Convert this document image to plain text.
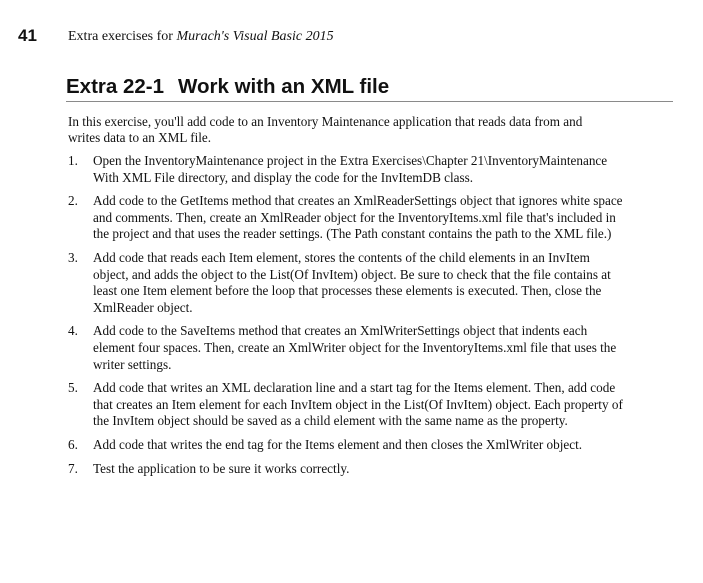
41 Extra exercises for Murach's Visual Basic 2015
Extra 22-1 Work with an XML file

In this exercise, you'll add code to an Inventory Maintenance application that reads data from and writes data to an XML file.

1. Open the InventoryMaintenance project in the Extra Exercises\Chapter 21\InventoryMaintenance With XML File directory, and display the code for the InvItemDB class.
2. Add code to the GetItems method that creates an XmlReaderSettings object that ignores white space and comments. Then, create an XmlReader object for the InventoryItems.xml file that's included in the project and that uses the reader settings. (The Path constant contains the path to the XML file.)
3. Add code that reads each Item element, stores the contents of the child elements in an InvItem object, and adds the object to the List(Of InvItem) object. Be sure to check that the file contains at least one Item element before the loop that processes these elements is executed. Then, close the XmlReader object.
4. Add code to the SaveItems method that creates an XmlWriterSettings object that indents each element four spaces. Then, create an XmlWriter object for the InventoryItems.xml file that uses the writer settings.
5. Add code that writes an XML declaration line and a start tag for the Items element. Then, add code that creates an Item element for each InvItem object in the List(Of InvItem) object. Each property of the InvItem object should be saved as a child element with the same name as the property.
6. Add code that writes the end tag for the Items element and then closes the XmlWriter object.
7. Test the application to be sure it works correctly.
